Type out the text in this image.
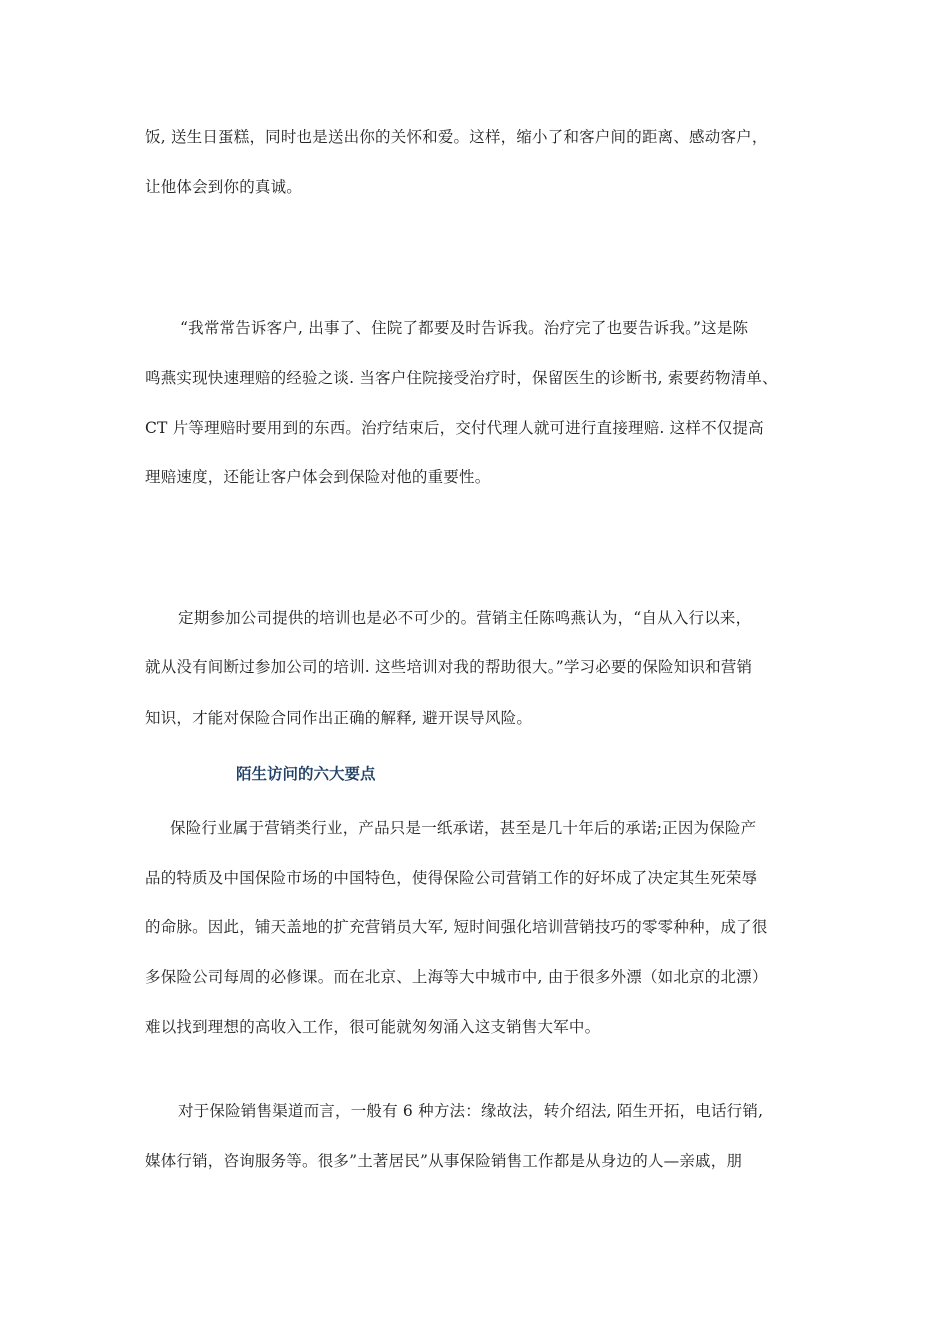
饭, 送生日蛋糕，同时也是送出你的关怀和爱。这样，缩小了和客户间的距离、感动客户，
让他体会到你的真诚。
“我常常告诉客户, 出事了、住院了都要及时告诉我。治疗完了也要告诉我。”这是陈
鸣燕实现快速理赔的经验之谈. 当客户住院接受治疗时，保留医生的诊断书, 索要药物清单、
CT 片等理赔时要用到的东西。治疗结束后，交付代理人就可进行直接理赔. 这样不仅提高
理赔速度，还能让客户体会到保险对他的重要性。
定期参加公司提供的培训也是必不可少的。营销主任陈鸣燕认为，“自从入行以来，
就从没有间断过参加公司的培训. 这些培训对我的帮助很大。”学习必要的保险知识和营销
知识，才能对保险合同作出正确的解释, 避开误导风险。
陌生访问的六大要点
保险行业属于营销类行业，产品只是一纸承诺，甚至是几十年后的承诺;正因为保险产
品的特质及中国保险市场的中国特色，使得保险公司营销工作的好坏成了决定其生死荣辱
的命脉。因此，铺天盖地的扩充营销员大军, 短时间强化培训营销技巧的零零种种，成了很
多保险公司每周的必修课。而在北京、上海等大中城市中, 由于很多外漂（如北京的北漂）
难以找到理想的高收入工作，很可能就匆匆涌入这支销售大军中。
对于保险销售渠道而言，一般有 6 种方法：缘故法，转介绍法, 陌生开拓，电话行销,
媒体行销，咨询服务等。很多”土著居民”从事保险销售工作都是从身边的人—亲戚，朋
